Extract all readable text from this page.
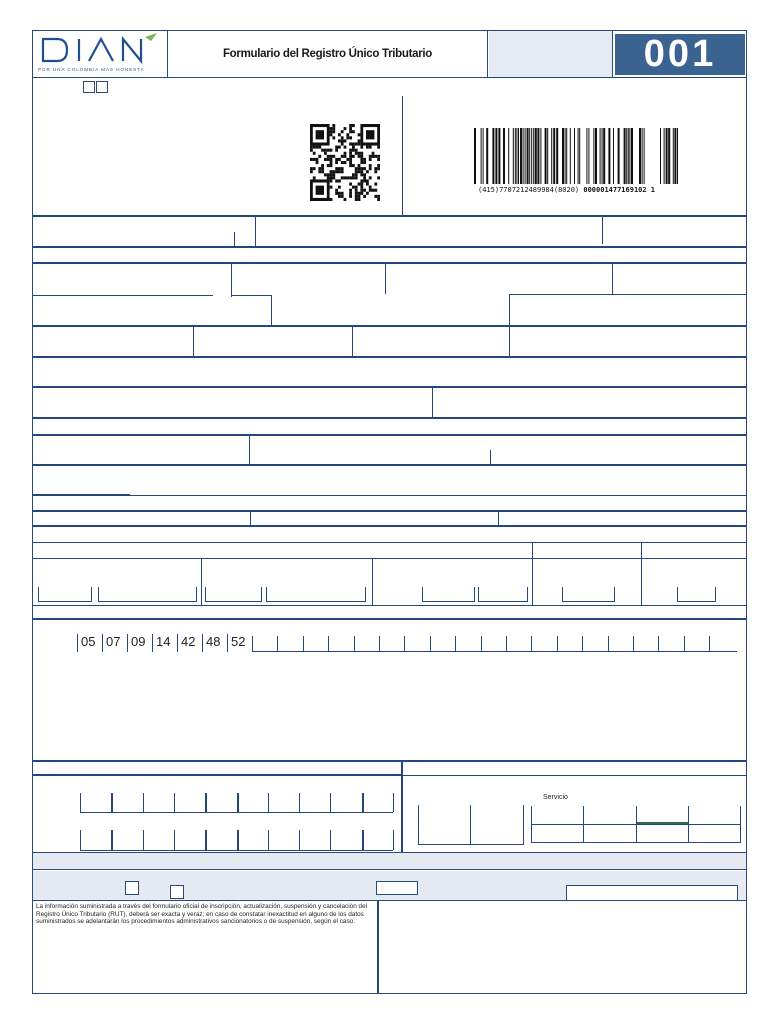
POR UNA COLOMBIA MÁS HONESTA
Formulario del Registro Único Tributario	001
(415)7707212489984(8020) 000001477169102 1
05 07 09 14 42 48 52
Servicio
La información suministrada a través del formulario oficial de inscripción, actualización, suspensión y cancelación del Registro Único Tributario (RUT), deberá ser exacta y veraz; en caso de constatar inexactitud en alguno de los datos suministrados se adelantarán los procedimientos administrativos sancionatorios o de suspensión, según el caso.
